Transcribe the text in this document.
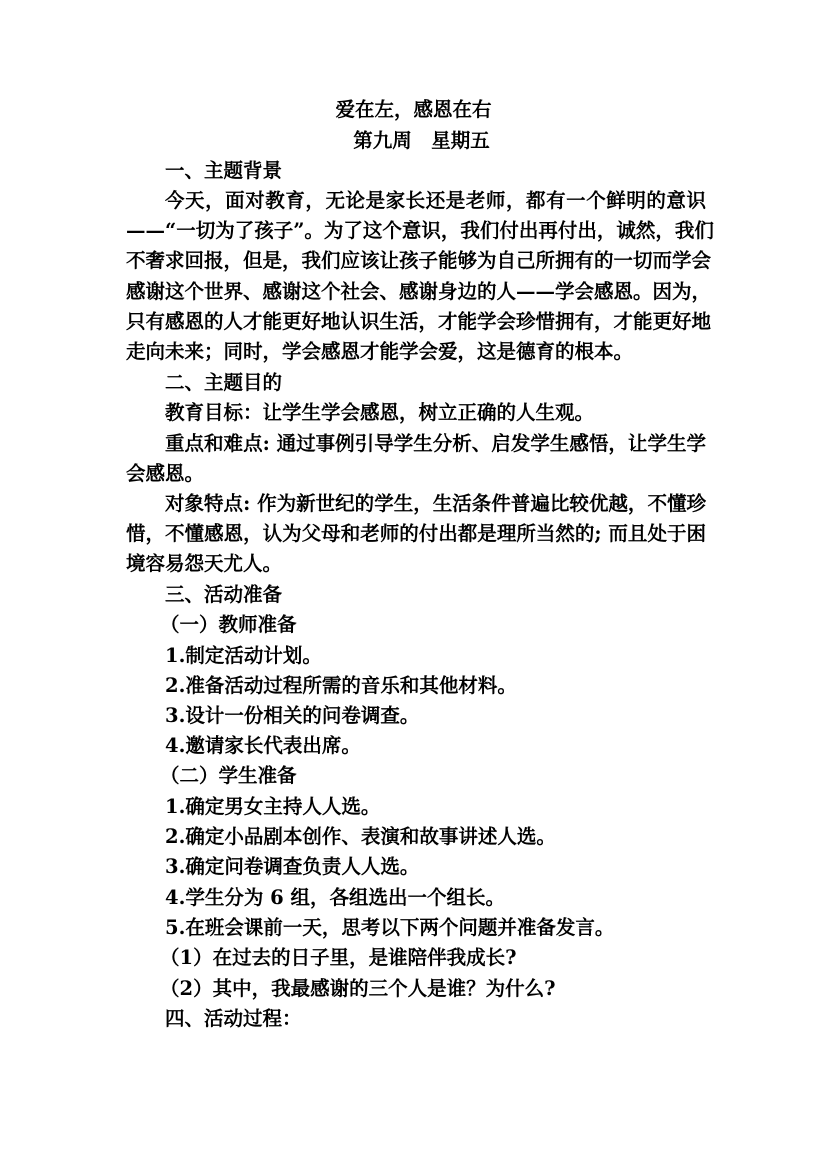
爱在左，感恩在右
第九周　星期五
一、主题背景
今天，面对教育，无论是家长还是老师，都有一个鲜明的意识
——“一切为了孩子”。为了这个意识，我们付出再付出，诚然，我们
不奢求回报，但是，我们应该让孩子能够为自己所拥有的一切而学会
感谢这个世界、感谢这个社会、感谢身边的人——学会感恩。因为，
只有感恩的人才能更好地认识生活，才能学会珍惜拥有，才能更好地
走向未来；同时，学会感恩才能学会爱，这是德育的根本。
二、主题目的
教育目标：让学生学会感恩，树立正确的人生观。
重点和难点: 通过事例引导学生分析、启发学生感悟，让学生学
会感恩。
对象特点: 作为新世纪的学生，生活条件普遍比较优越，不懂珍
惜，不懂感恩，认为父母和老师的付出都是理所当然的; 而且处于困
境容易怨天尤人。
三、活动准备
（一）教师准备
1.制定活动计划。
2.准备活动过程所需的音乐和其他材料。
3.设计一份相关的问卷调查。
4.邀请家长代表出席。
（二）学生准备
1.确定男女主持人人选。
2.确定小品剧本创作、表演和故事讲述人选。
3.确定问卷调查负责人人选。
4.学生分为 6 组，各组选出一个组长。
5.在班会课前一天，思考以下两个问题并准备发言。
（1）在过去的日子里，是谁陪伴我成长?
（2）其中，我最感谢的三个人是谁？为什么?
四、活动过程：
